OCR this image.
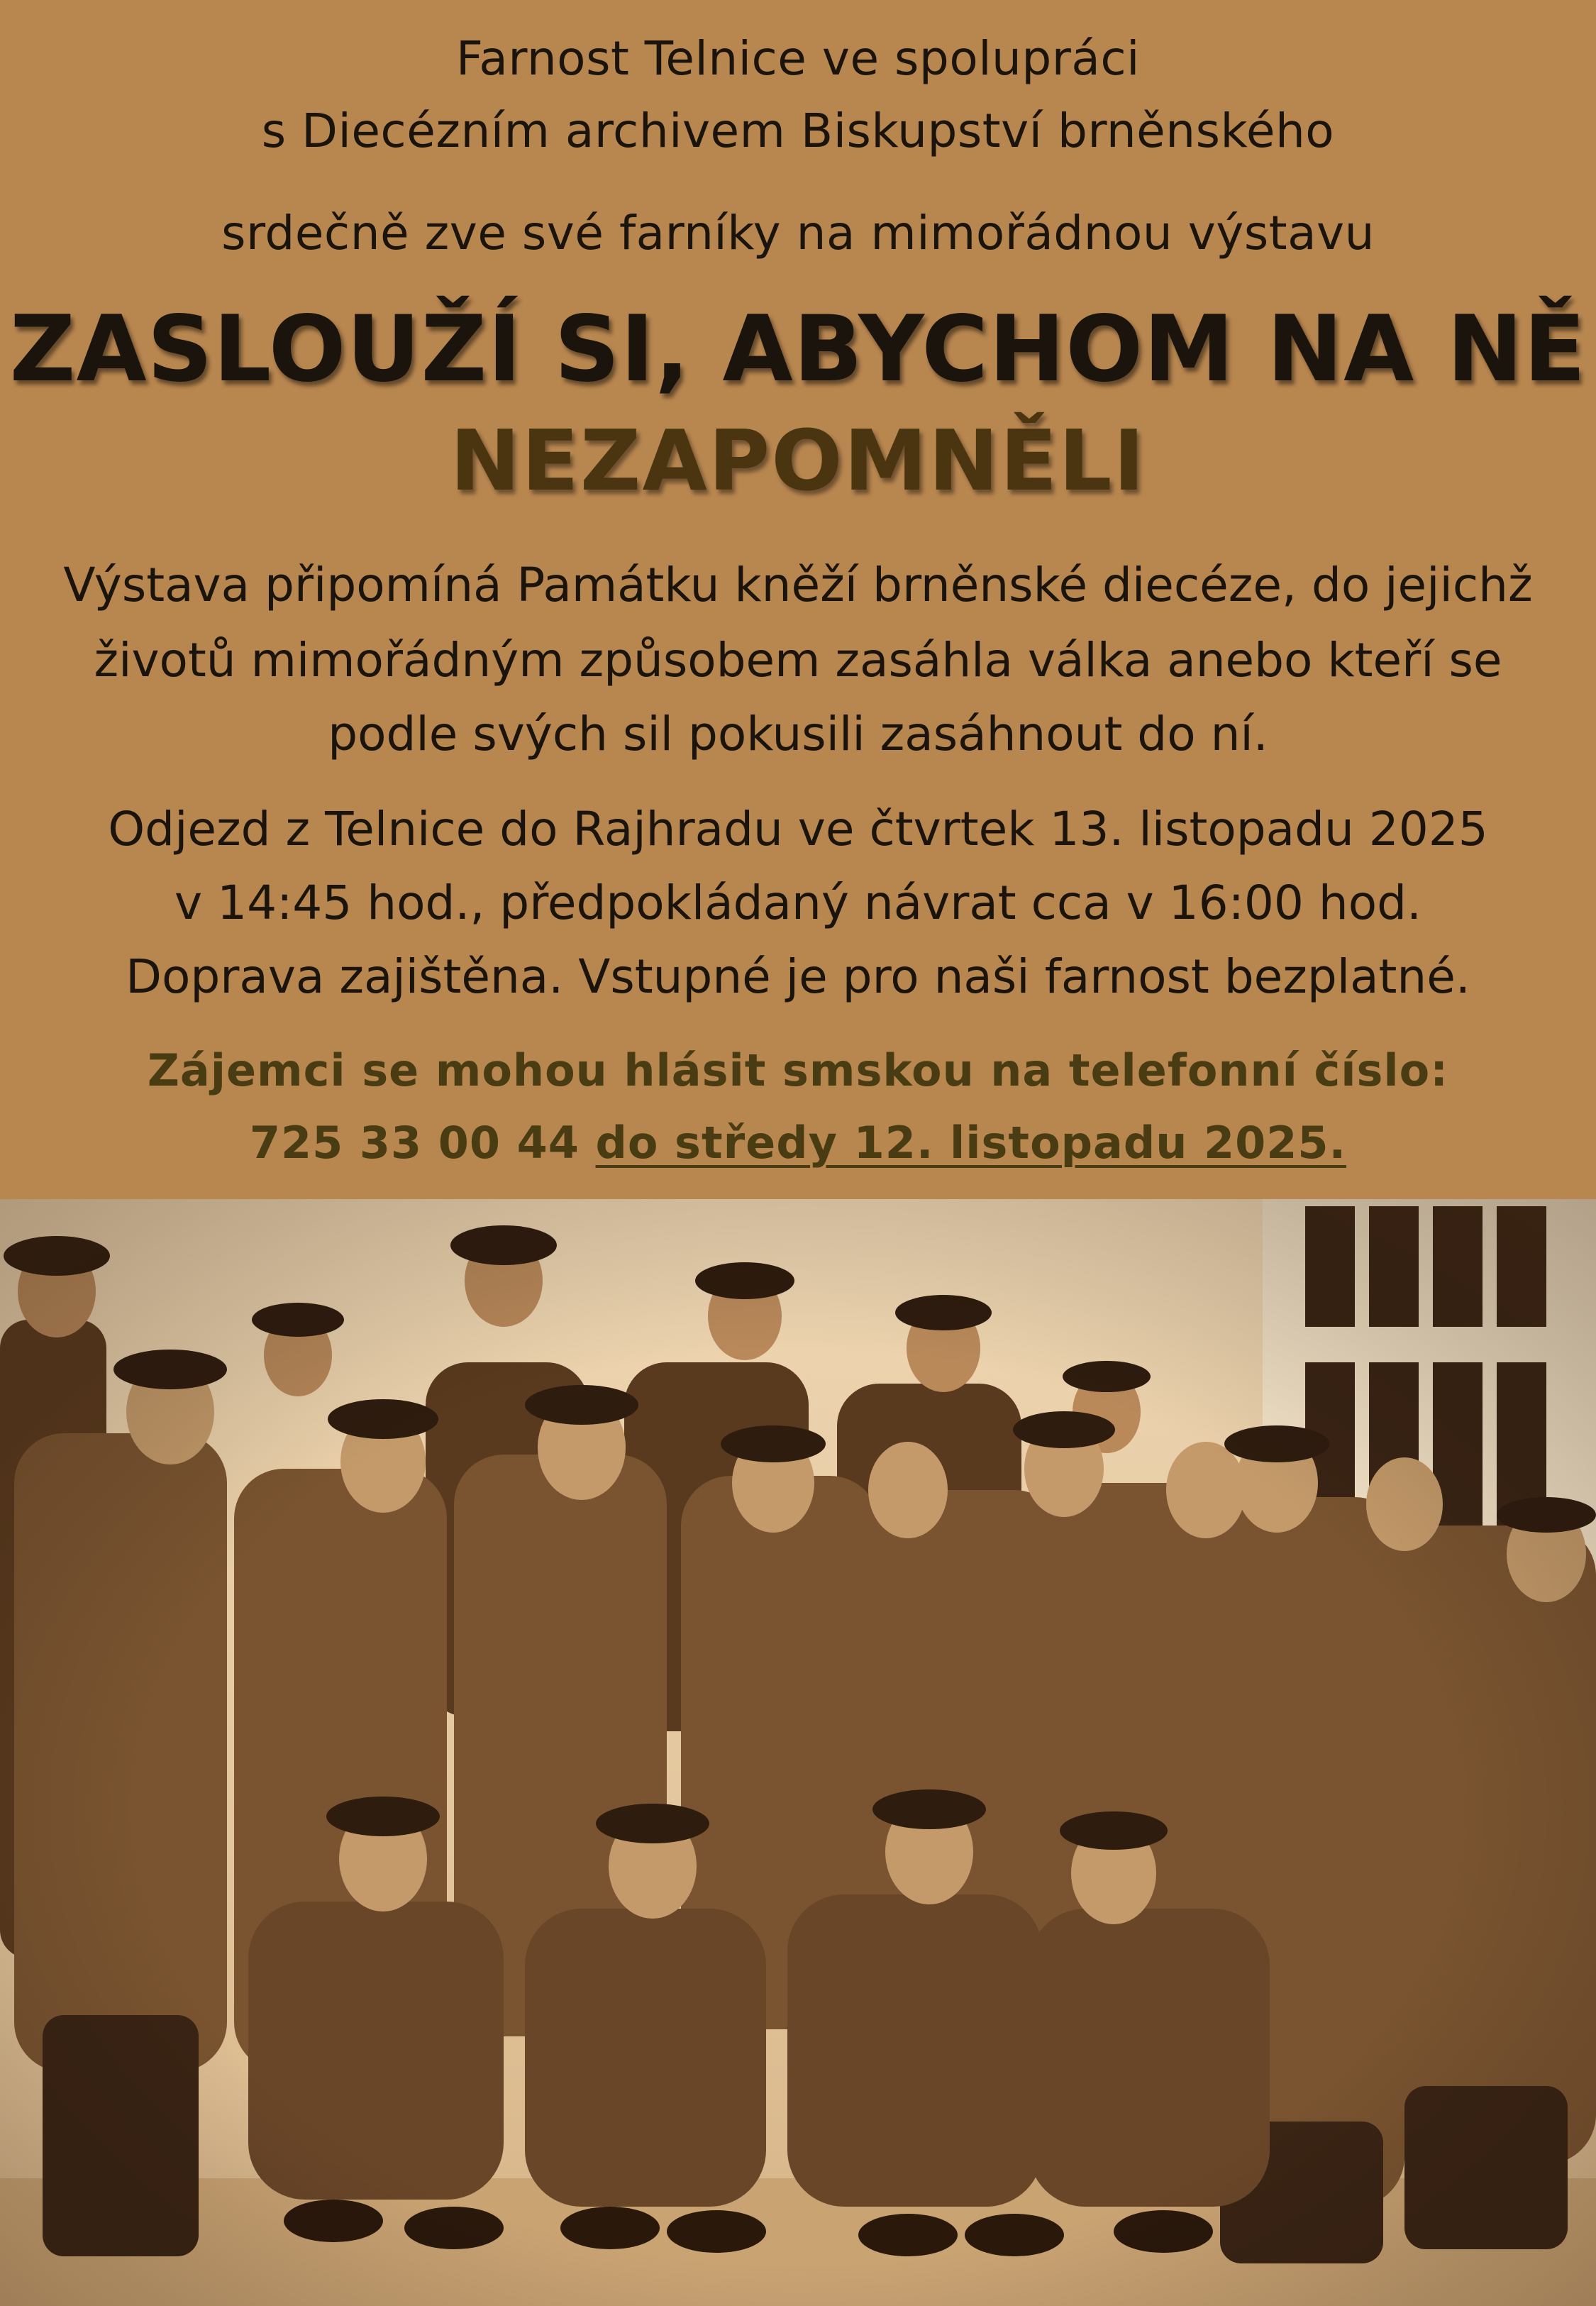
Farnost Telnice ve spolupráci
s Diecézním archivem Biskupství brněnského
srdečně zve své farníky na mimořádnou výstavu
ZASLOUŽÍ SI, ABYCHOM NA NĚ
NEZAPOMNĚLI
Výstava připomíná Památku kněží brněnské diecéze, do jejichž
životů mimořádným způsobem zasáhla válka anebo kteří se
podle svých sil pokusili zasáhnout do ní.
Odjezd z Telnice do Rajhradu ve čtvrtek 13. listopadu 2025
v 14:45 hod., předpokládaný návrat cca v 16:00 hod.
Doprava zajištěna. Vstupné je pro naši farnost bezplatné.
Zájemci se mohou hlásit smskou na telefonní číslo:
725 33 00 44 do středy 12. listopadu 2025.
